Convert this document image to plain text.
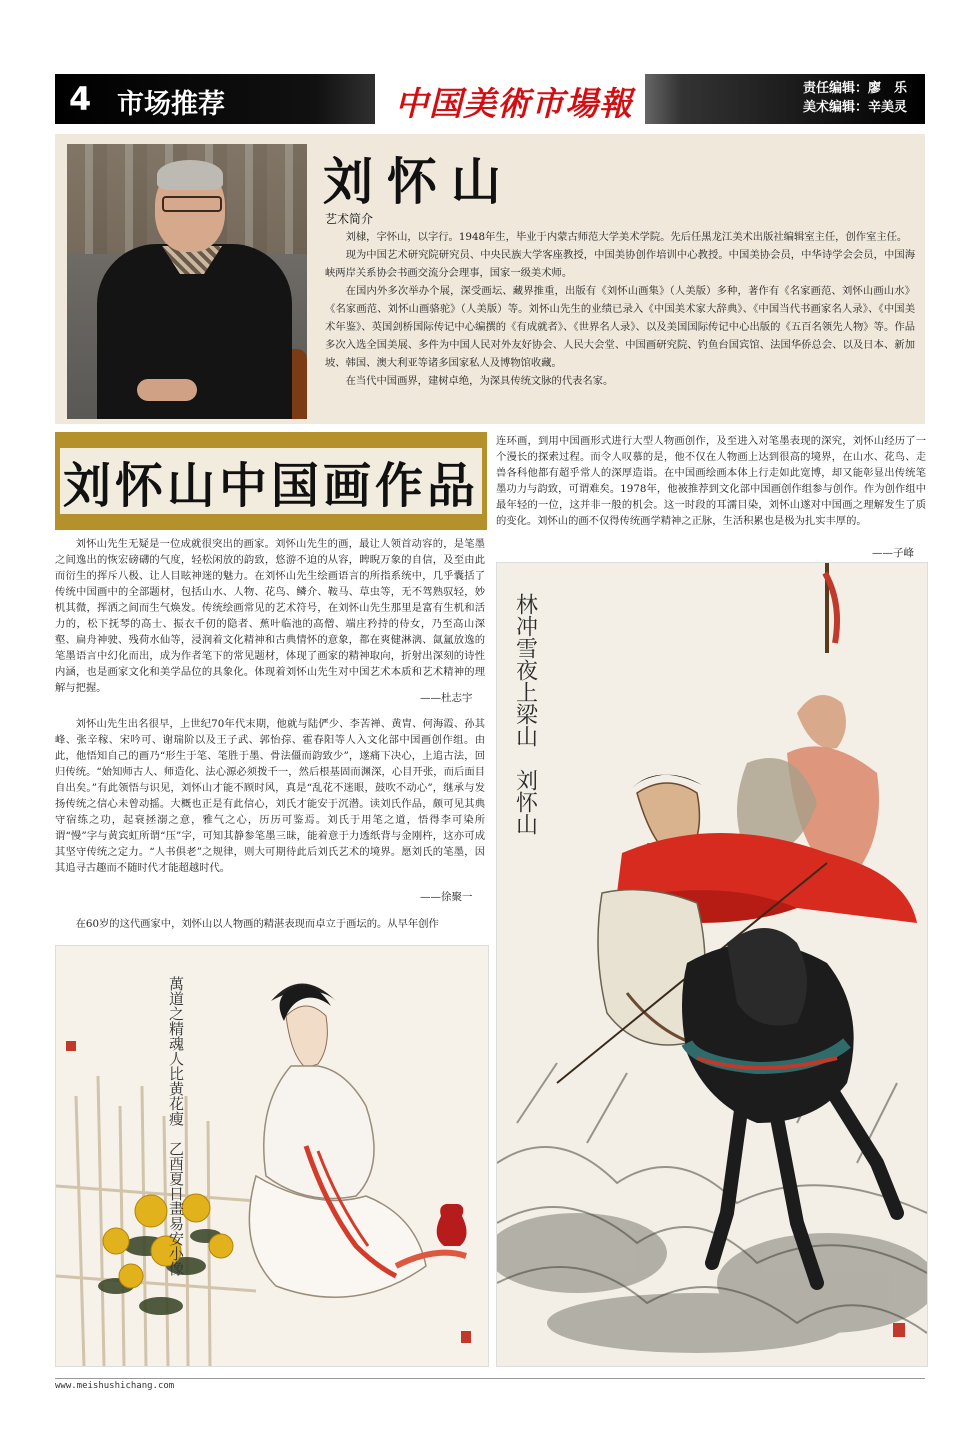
4 市场推荐	中国美術市場報	责任编辑：廖　乐
美术编辑：辛美灵
刘怀山
艺术简介

刘棣，字怀山，以字行。1948年生，毕业于内蒙古师范大学美术学院。先后任黑龙江美术出版社编辑室主任，创作室主任。

现为中国艺术研究院研究员、中央民族大学客座教授，中国美协创作培训中心教授。中国美协会员，中华诗学会会员，中国海峡两岸关系协会书画交流分会理事，国家一级美术师。

在国内外多次举办个展，深受画坛、藏界推重，出版有《刘怀山画集》（人美版）多种，著作有《名家画范、刘怀山画山水》《名家画范、刘怀山画骆驼》（人美版）等。刘怀山先生的业绩已录入《中国美术家大辞典》、《中国当代书画家名人录》、《中国美术年鉴》、英国剑桥国际传记中心编撰的《有成就者》、《世界名人录》、以及美国国际传记中心出版的《五百名领先人物》等。作品多次入选全国美展、多件为中国人民对外友好协会、人民大会堂、中国画研究院、钓鱼台国宾馆、法国华侨总会、以及日本、新加坡、韩国、澳大利亚等诸多国家私人及博物馆收藏。

在当代中国画界，建树卓绝，为深具传统文脉的代表名家。

刘怀山中国画作品

刘怀山先生无疑是一位成就很突出的画家。刘怀山先生的画，最让人领首动容的，是笔墨之间逸出的恢宏磅礴的气度，轻松闲放的韵致，悠游不迫的从容，睥睨万象的自信，及至由此而衍生的挥斥八极、让人目眩神迷的魅力。在刘怀山先生绘画语言的所指系统中，几乎囊括了传统中国画中的全部题材，包括山水、人物、花鸟、鳞介、鞍马、草虫等，无不驾熟驭轻，妙机其微，挥洒之间而生气焕发。传统绘画常见的艺术符号，在刘怀山先生那里是富有生机和活力的，松下抚琴的高士、振衣千仞的隐者、蕉叶临池的高僧、端庄矜持的侍女，乃至高山深壑、扁舟神驶、残荷水仙等，浸润着文化精神和古典情怀的意象，都在爽健淋漓、氤氲放逸的笔墨语言中幻化而出，成为作者笔下的常见题材，体现了画家的精神取向，折射出深刻的诗性内涵，也是画家文化和美学品位的具象化。体现着刘怀山先生对中国艺术本质和艺术精神的理解与把握。

——杜志宇

刘怀山先生出名很早，上世纪70年代末期，他就与陆俨少、李苦禅、黄胄、何海霞、孙其峰、张辛稼、宋吟可、谢瑞阶以及王子武、郭怡孮、霍春阳等人入文化部中国画创作组。由此，他悟知自己的画乃“形生于笔、笔胜于墨、骨法僵而韵致少”，遂痛下决心，上追古法，回归传统。“始知师古人、师造化、法心源必须拨千一，然后根基固而渊深，心目开张，而后面目自出矣。”有此领悟与识见，刘怀山才能不顾时风，真是“乱花不迷眼，鼓吹不动心”，继承与发扬传统之信心未曾动摇。大概也正是有此信心，刘氏才能安于沉潜。读刘氏作品，颇可见其典守宿练之功，起衰拯溺之意，雅气之心，历历可鉴焉。刘氏于用笔之道，悟得李可染所谓“慢”字与黄宾虹所谓“压”字，可知其静参笔墨三昧，能着意于力透纸背与金刚杵，这亦可成其坚守传统之定力。“人书俱老”之规律，则大可期待此后刘氏艺术的境界。愿刘氏的笔墨，因其追寻古趣而不随时代才能超越时代。

——徐聚一

在60岁的这代画家中，刘怀山以人物画的精湛表现而卓立于画坛的。从早年创作

连环画，到用中国画形式进行大型人物画创作，及至进入对笔墨表现的深究，刘怀山经历了一个漫长的探索过程。而令人叹慕的是，他不仅在人物画上达到很高的境界，在山水、花鸟、走兽各科他都有超乎常人的深厚造诣。在中国画绘画本体上行走如此宽博，却又能彰显出传统笔墨功力与韵致，可谓难矣。1978年，他被推荐到文化部中国画创作组参与创作。作为创作组中最年轻的一位，这并非一般的机会。这一时段的耳濡目染，刘怀山遂对中国画之理解发生了质的变化。刘怀山的画不仅得传统画学精神之正脉，生活积累也是极为扎实丰厚的。

——子峰
萬道之精魂人比黄花瘦　乙酉夏日畫易安小像
林冲雪夜上梁山　刘怀山
www.meishushichang.com
